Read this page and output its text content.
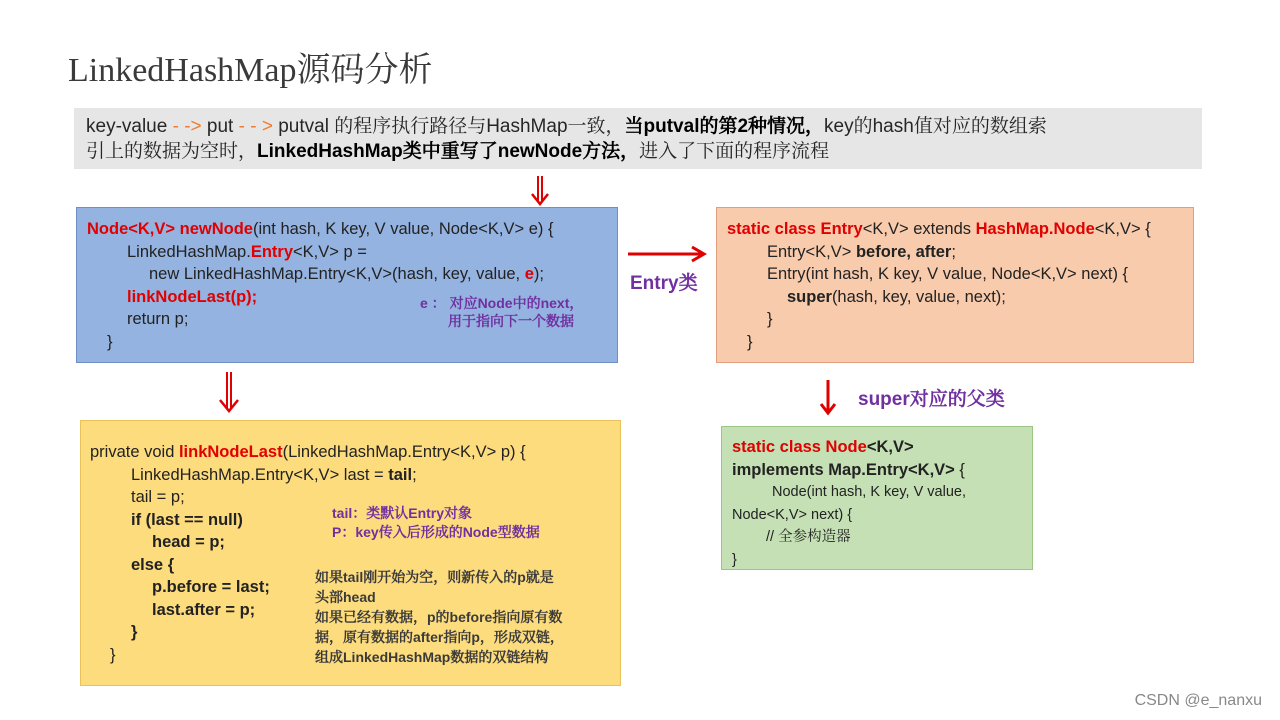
LinkedHashMap源码分析
key-value - -> put - - > putval 的程序执行路径与HashMap一致，当putval的第2种情况，key的hash值对应的数组索
引上的数据为空时，LinkedHashMap类中重写了newNode方法，进入了下面的程序流程
Node<K,V> newNode(int hash, K key, V value, Node<K,V> e) {
LinkedHashMap.Entry<K,V> p =
new LinkedHashMap.Entry<K,V>(hash, key, value, e);
linkNodeLast(p);
return p;
}
e ： 对应Node中的next，
用于指向下一个数据
Entry类
static class Entry<K,V> extends HashMap.Node<K,V> {
Entry<K,V> before, after;
Entry(int hash, K key, V value, Node<K,V> next) {
super(hash, key, value, next);
}
}
super对应的父类
static class Node<K,V>
implements Map.Entry<K,V> {
Node(int hash, K key, V value,
Node<K,V> next) {
// 全参构造器
}
private void linkNodeLast(LinkedHashMap.Entry<K,V> p) {
LinkedHashMap.Entry<K,V> last = tail;
tail = p;
if (last == null)
head = p;
else {
p.before = last;
last.after = p;
}
}
tail：类默认Entry对象
P：key传入后形成的Node型数据
如果tail刚开始为空，则新传入的p就是
头部head
如果已经有数据，p的before指向原有数
据，原有数据的after指向p，形成双链，
组成LinkedHashMap数据的双链结构
CSDN @e_nanxu
